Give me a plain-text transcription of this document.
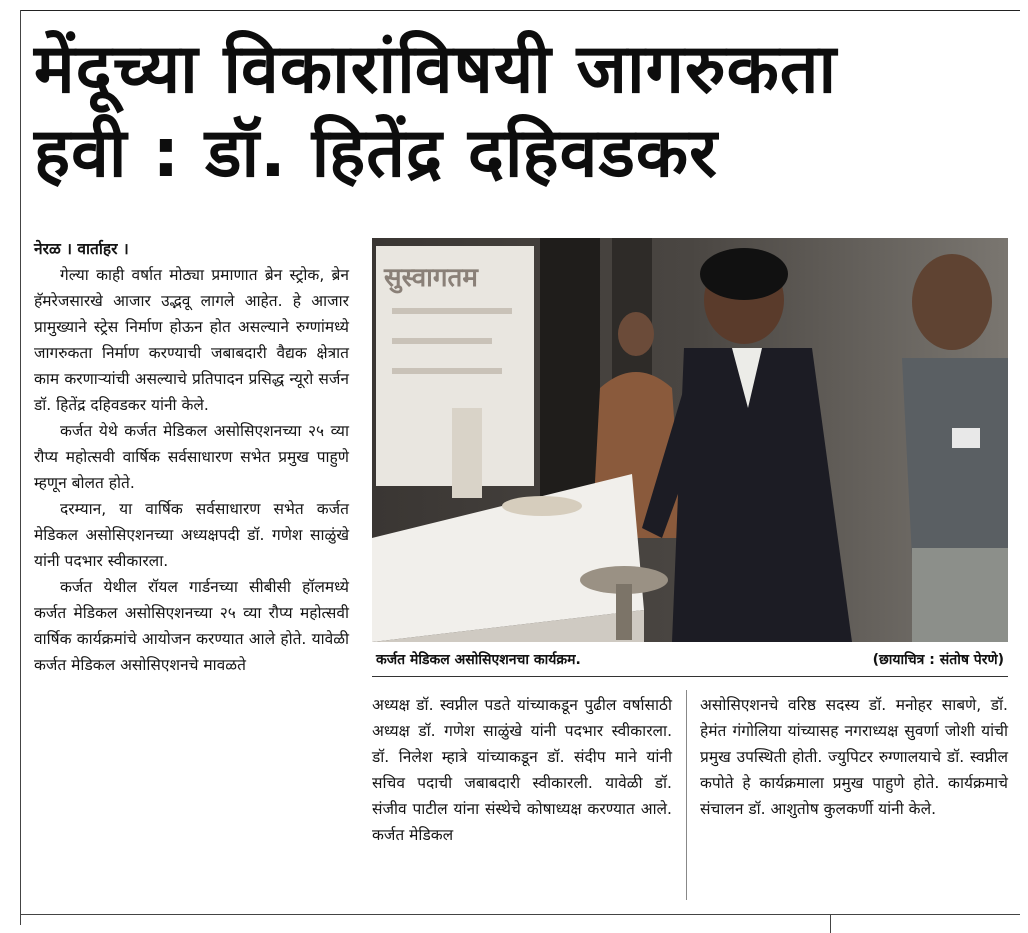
मेंदूच्या विकारांविषयी जागरुकता
हवी : डॉ. हितेंद्र दहिवडकर

नेरळ । वार्ताहर ।

गेल्या काही वर्षात मोठ्या प्रमाणात ब्रेन स्ट्रोक, ब्रेन हॅमरेजसारखे आजार उद्भवू लागले आहेत. हे आजार प्रामुख्याने स्ट्रेस निर्माण होऊन होत असल्याने रुग्णांमध्ये जागरुकता निर्माण करण्याची जबाबदारी वैद्यक क्षेत्रात काम करणाऱ्यांची असल्याचे प्रतिपादन प्रसिद्ध न्यूरो सर्जन डॉ. हितेंद्र दहिवडकर यांनी केले.

कर्जत येथे कर्जत मेडिकल असोसिएशनच्या २५ व्या रौप्य महोत्सवी वार्षिक सर्वसाधारण सभेत प्रमुख पाहुणे म्हणून बोलत होते.

दरम्यान, या वार्षिक सर्वसाधारण सभेत कर्जत मेडिकल असोसिएशनच्या अध्यक्षपदी डॉ. गणेश साळुंखे यांनी पदभार स्वीकारला.

कर्जत येथील रॉयल गार्डनच्या सीबीसी हॉलमध्ये कर्जत मेडिकल असोसिएशनच्या २५ व्या रौप्य महोत्सवी वार्षिक कार्यक्रमांचे आयोजन करण्यात आले होते. यावेळी कर्जत मेडिकल असोसिएशनचे मावळते

सुस्वागतम
कर्जत मेडिकल असोसिएशनचा कार्यक्रम.	(छायाचित्र : संतोष पेरणे)

अध्यक्ष डॉ. स्वप्नील पडते यांच्याकडून पुढील वर्षासाठी अध्यक्ष डॉ. गणेश साळुंखे यांनी पदभार स्वीकारला. डॉ. निलेश म्हात्रे यांच्याकडून डॉ. संदीप माने यांनी सचिव पदाची जबाबदारी स्वीकारली. यावेळी डॉ. संजीव पाटील यांना संस्थेचे कोषाध्यक्ष करण्यात आले. कर्जत मेडिकल

असोसिएशनचे वरिष्ठ सदस्य डॉ. मनोहर साबणे, डॉ. हेमंत गंगोलिया यांच्यासह नगराध्यक्ष सुवर्णा जोशी यांची प्रमुख उपस्थिती होती. ज्युपिटर रुग्णालयाचे डॉ. स्वप्नील कपोते हे कार्यक्रमाला प्रमुख पाहुणे होते. कार्यक्रमाचे संचालन डॉ. आशुतोष कुलकर्णी यांनी केले.
